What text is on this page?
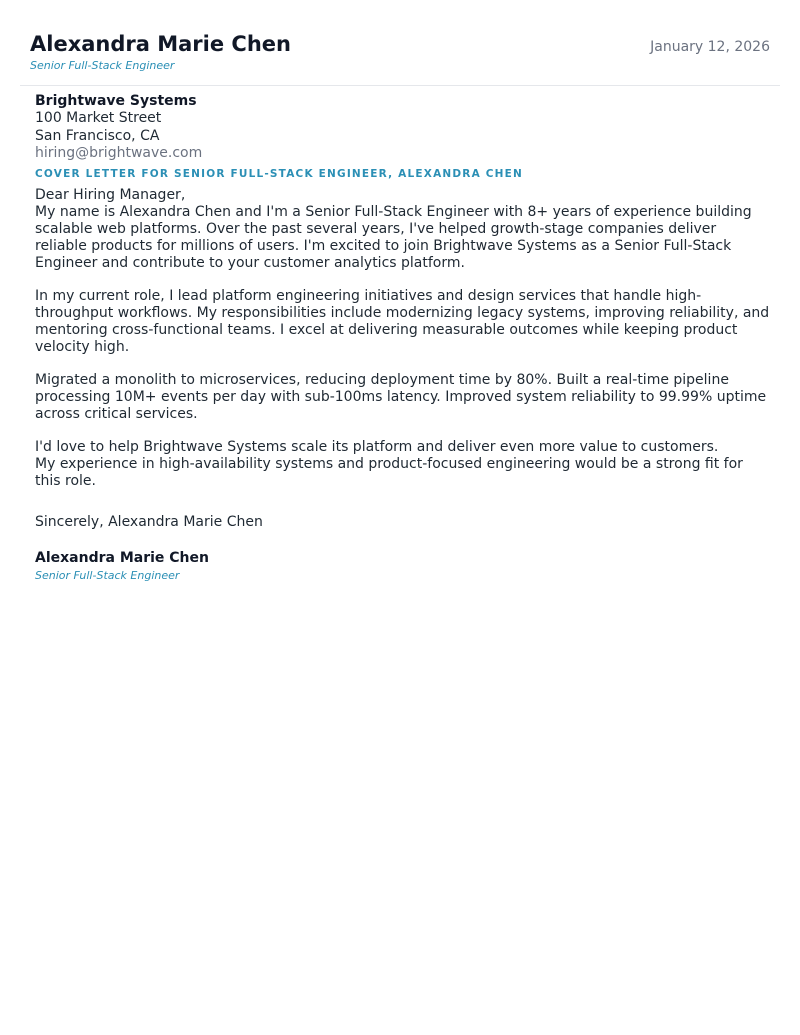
Alexandra Marie Chen
Senior Full-Stack Engineer
January 12, 2026
Brightwave Systems
100 Market Street
San Francisco, CA
hiring@brightwave.com
COVER LETTER FOR SENIOR FULL-STACK ENGINEER, ALEXANDRA CHEN
Dear Hiring Manager,

My name is Alexandra Chen and I'm a Senior Full-Stack Engineer with 8+ years of experience building scalable web platforms. Over the past several years, I've helped growth-stage companies deliver reliable products for millions of users. I'm excited to join Brightwave Systems as a Senior Full-Stack Engineer and contribute to your customer analytics platform.

In my current role, I lead platform engineering initiatives and design services that handle high-throughput workflows. My responsibilities include modernizing legacy systems, improving reliability, and mentoring cross-functional teams. I excel at delivering measurable outcomes while keeping product velocity high.

Migrated a monolith to microservices, reducing deployment time by 80%. Built a real-time pipeline processing 10M+ events per day with sub-100ms latency. Improved system reliability to 99.99% uptime across critical services.

I'd love to help Brightwave Systems scale its platform and deliver even more value to customers.
My experience in high-availability systems and product-focused engineering would be a strong fit for this role.

Sincerely, Alexandra Marie Chen
Alexandra Marie Chen
Senior Full-Stack Engineer
